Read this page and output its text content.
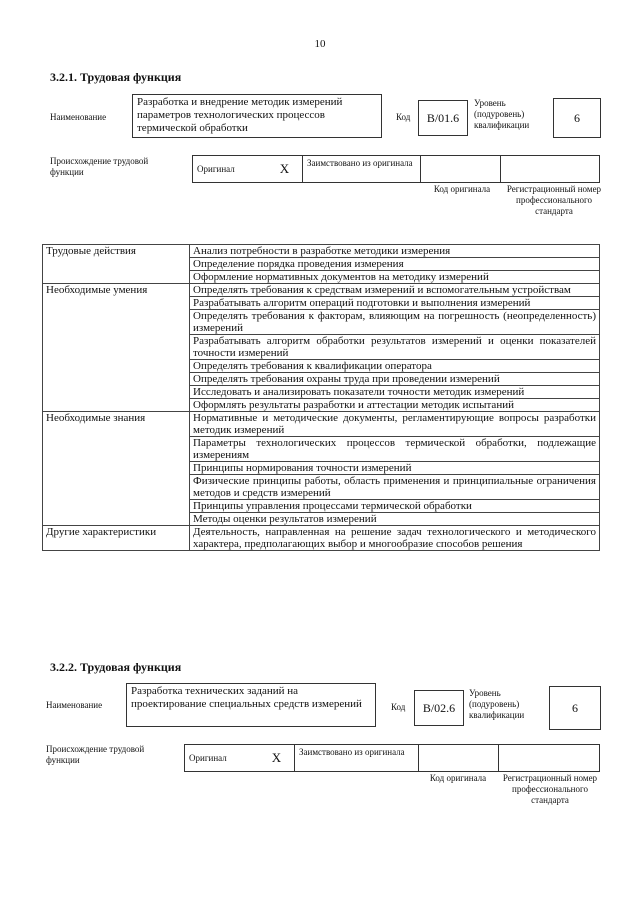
10
3.2.1. Трудовая функция
Наименование
Разработка и внедрение методик измерений параметров технологических процессов термической обработки
Код	B/01.6
Уровень (подуровень) квалификации
6
Происхождение трудовой функции	Оригинал	X	Заимствовано из оригинала
Код оригинала	Регистрационный номер профессионального стандарта
Трудовые действия	Анализ потребности в разработке методики измерения
	Определение порядка проведения измерения
	Оформление нормативных документов на методику измерений
Необходимые умения	Определять требования к средствам измерений и вспомогательным устройствам
	Разрабатывать алгоритм операций подготовки и выполнения измерений
	Определять требования к факторам, влияющим на погрешность (неопределенность) измерений
	Разрабатывать алгоритм обработки результатов измерений и оценки показателей точности измерений
	Определять требования к квалификации оператора
	Определять требования охраны труда при проведении измерений
	Исследовать и анализировать показатели точности методик измерений
	Оформлять результаты разработки и аттестации методик испытаний
Необходимые знания	Нормативные и методические документы, регламентирующие вопросы разработки методик измерений
	Параметры технологических процессов термической обработки, подлежащие измерениям
	Принципы нормирования точности измерений
	Физические принципы работы, область применения и принципиальные ограничения методов и средств измерений
	Принципы управления процессами термической обработки
	Методы оценки результатов измерений
Другие характеристики	Деятельность, направленная на решение задач технологического и методического характера, предполагающих выбор и многообразие способов решения
3.2.2. Трудовая функция
Наименование
Разработка технических заданий на проектирование специальных средств измерений	Код	B/02.6
Уровень (подуровень) квалификации
6
Происхождение трудовой функции	Оригинал	X	Заимствовано из оригинала
Код оригинала	Регистрационный номер профессионального стандарта
